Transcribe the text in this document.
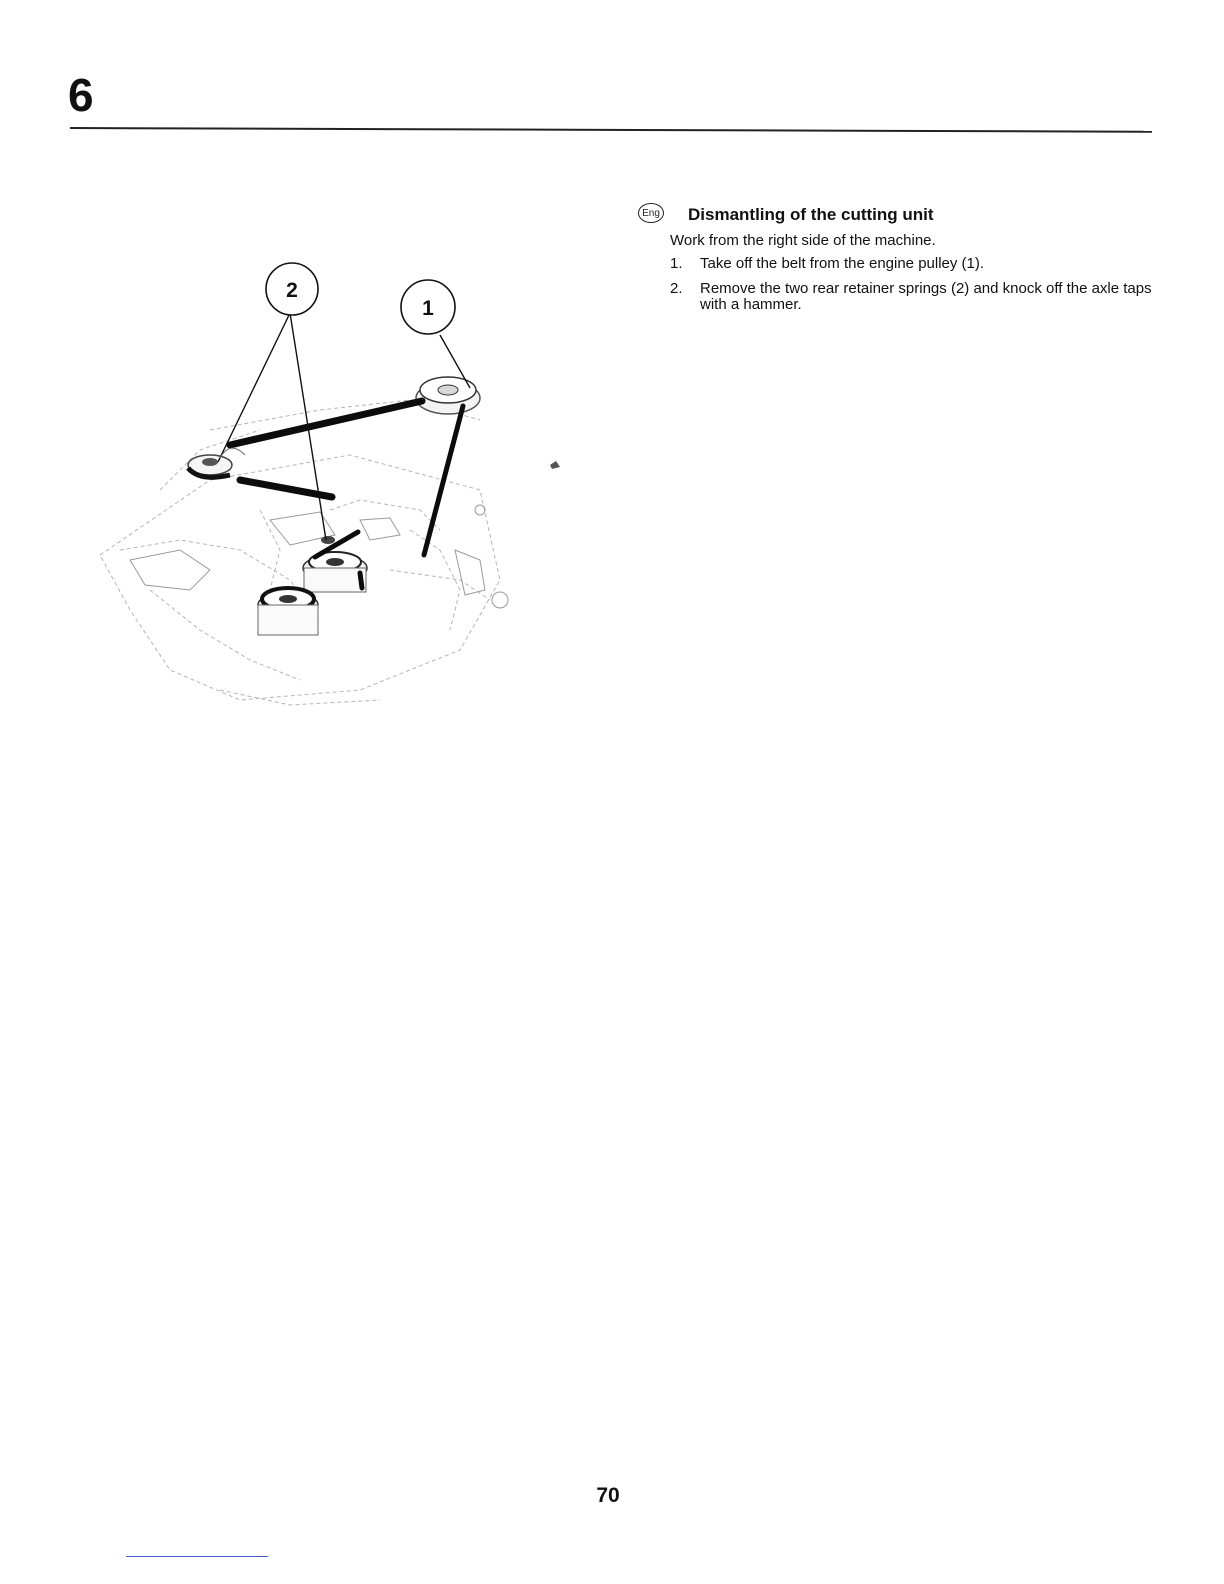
6
2
1
Eng Dismantling of the cutting unit

Work from the right side of the machine.

1. Take off the belt from the engine pulley (1).
2. Remove the two rear retainer springs (2) and knock off the axle taps with a hammer.
70
